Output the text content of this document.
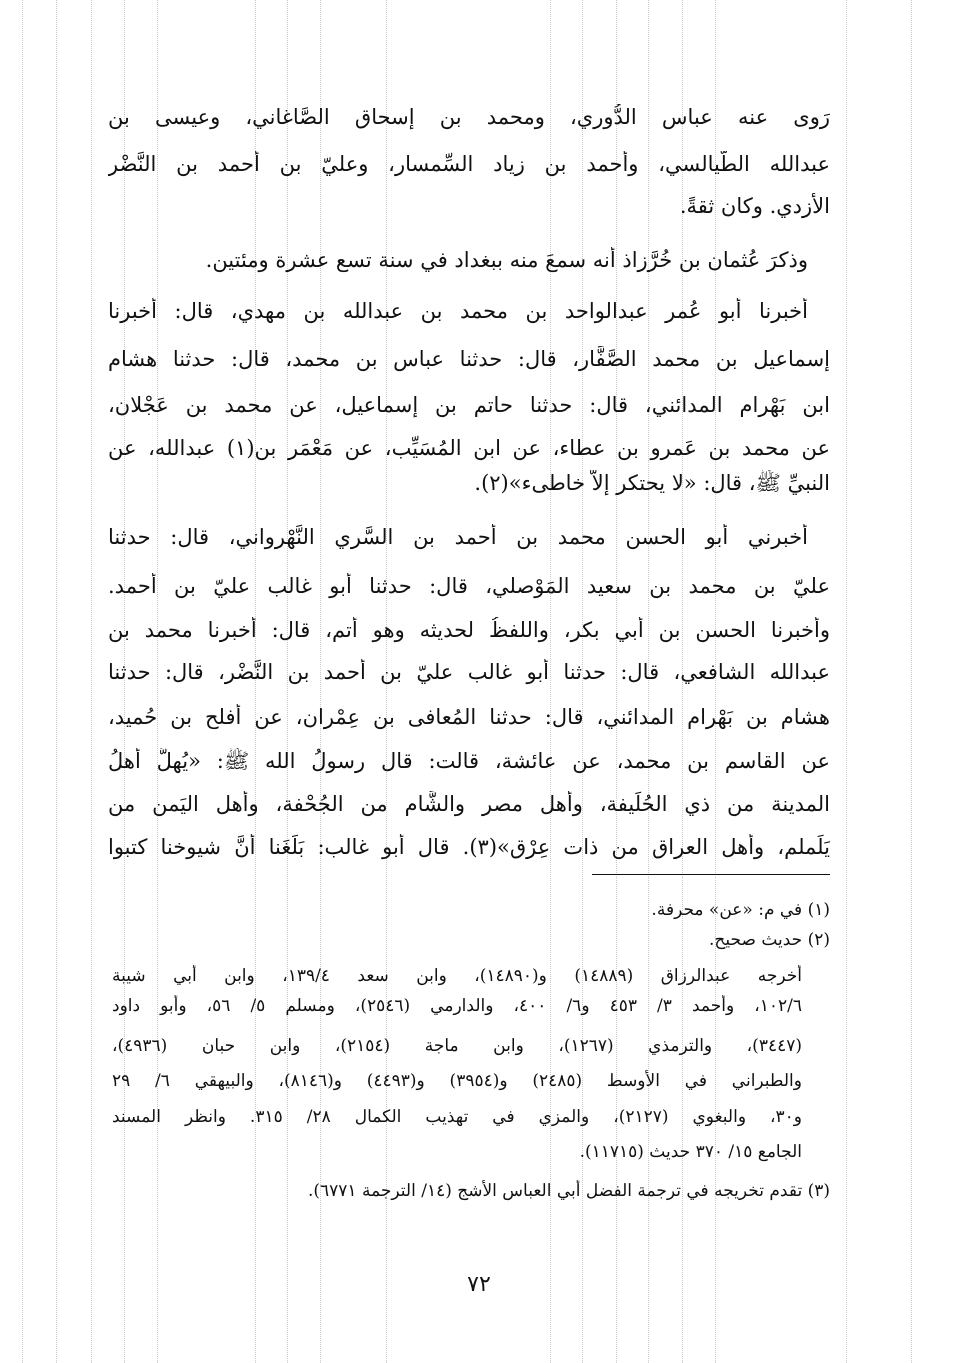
رَوى عنه عباس الدُّوري، ومحمد بن إسحاق الصَّاغاني، وعيسى بن
عبدالله الطَّيالسي، وأحمد بن زياد السِّمسار، وعليّ بن أحمد بن النَّضْر
الأزدي. وكان ثقةً.
وذكرَ عُثمان بن خُرَّزاذ أنه سمعَ منه ببغداد في سنة تسع عشرة ومئتين.
أخبرنا أبو عُمر عبدالواحد بن محمد بن عبدالله بن مهدي، قال: أخبرنا
إسماعيل بن محمد الصَّفَّار، قال: حدثنا عباس بن محمد، قال: حدثنا هشام
ابن بَهْرام المدائني، قال: حدثنا حاتم بن إسماعيل، عن محمد بن عَجْلان،
عن محمد بن عَمرو بن عطاء، عن ابن المُسَيِّب، عن مَعْمَر بن(١) عبدالله، عن
النبيِّ ﷺ، قال: «لا يحتكر إلاّ خاطىء»(٢).
أخبرني أبو الحسن محمد بن أحمد بن السَّري النَّهْرواني، قال: حدثنا
عليّ بن محمد بن سعيد المَوْصلي، قال: حدثنا أبو غالب عليّ بن أحمد.
وأخبرنا الحسن بن أبي بكر، واللفظُ لحديثه وهو أتم، قال: أخبرنا محمد بن
عبدالله الشافعي، قال: حدثنا أبو غالب عليّ بن أحمد بن النَّضْر، قال: حدثنا
هشام بن بَهْرام المدائني، قال: حدثنا المُعافى بن عِمْران، عن أفلح بن حُميد،
عن القاسم بن محمد، عن عائشة، قالت: قال رسولُ الله ﷺ: «يُهِلُّ أهلُ
المدينة من ذي الحُلَيفة، وأهل مصر والشَّام من الجُحْفة، وأهل اليَمن من
يَلَملم، وأهل العراق من ذات عِرْق»(٣). قال أبو غالب: بَلَغَنا أنَّ شيوخنا كتبوا
(١) في م: «عن» محرفة.
(٢) حديث صحيح.
أخرجه عبدالرزاق (١٤٨٨٩) و(١٤٨٩٠)، وابن سعد ١٣٩/٤، وابن أبي شيبة
١٠٢/٦، وأحمد ٣/ ٤٥٣ و٦/ ٤٠٠، والدارمي (٢٥٤٦)، ومسلم ٥/ ٥٦، وأبو داود
(٣٤٤٧)، والترمذي (١٢٦٧)، وابن ماجة (٢١٥٤)، وابن حبان (٤٩٣٦)،
والطبراني في الأوسط (٢٤٨٥) و(٣٩٥٤) و(٤٤٩٣) و(٨١٤٦)، والبيهقي ٦/ ٢٩
و٣٠، والبغوي (٢١٢٧)، والمزي في تهذيب الكمال ٢٨/ ٣١٥. وانظر المسند
الجامع ١٥/ ٣٧٠ حديث (١١٧١٥).
(٣) تقدم تخريجه في ترجمة الفضل أبي العباس الأشج (١٤/ الترجمة ٦٧٧١).
٧٢
